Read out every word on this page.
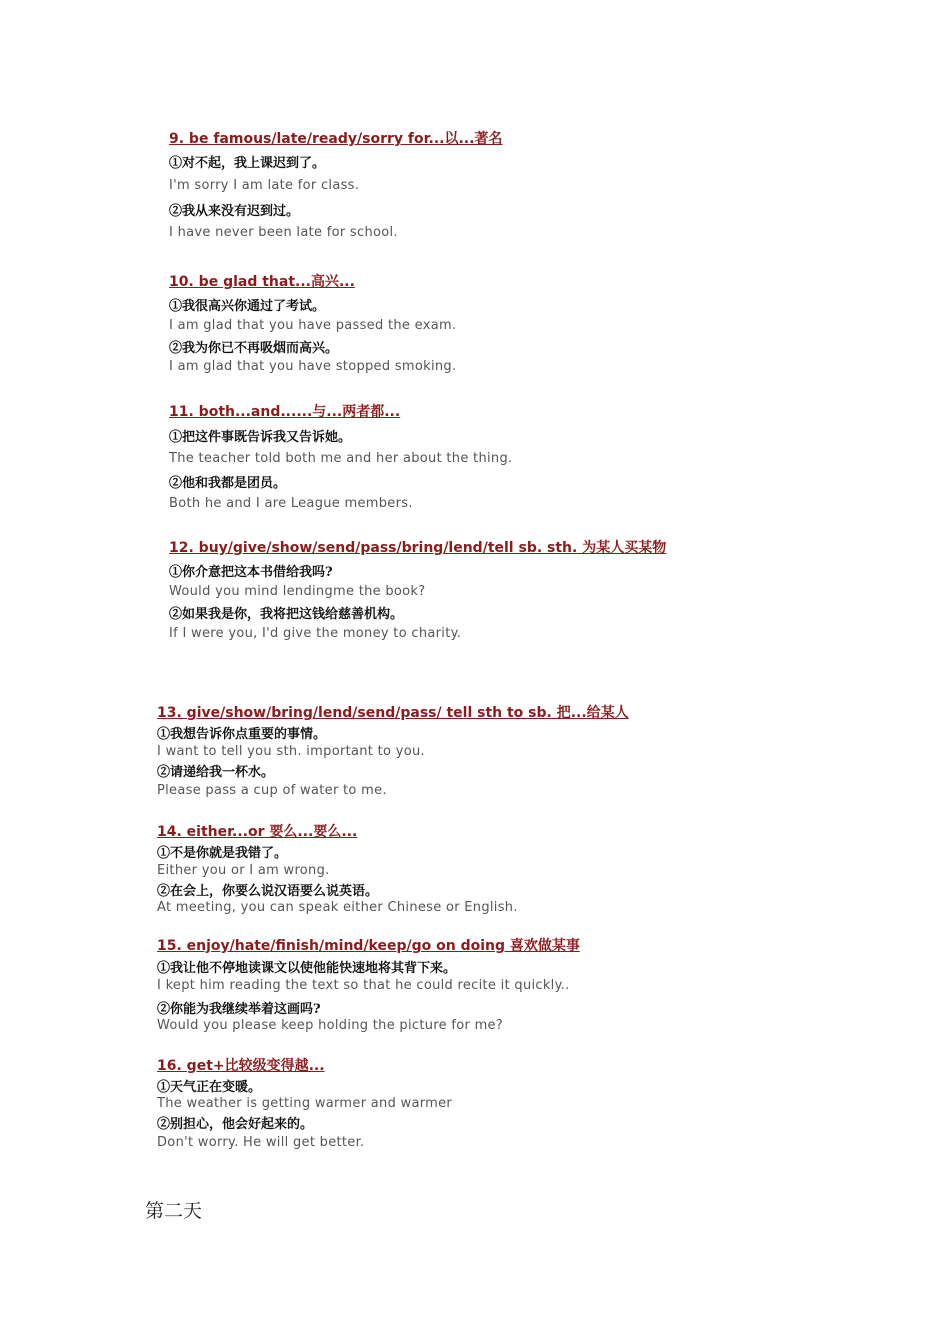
9. be famous/late/ready/sorry for...以...著名
①对不起，我上课迟到了。
I'm sorry I am late for class.
②我从来没有迟到过。
I have never been late for school.
10. be glad that...高兴...
①我很高兴你通过了考试。
I am glad that you have passed the exam.
②我为你已不再吸烟而高兴。
I am glad that you have stopped smoking.
11. both...and......与...两者都...
①把这件事既告诉我又告诉她。
The teacher told both me and her about the thing.
②他和我都是团员。
Both he and I are League members.
12. buy/give/show/send/pass/bring/lend/tell sb. sth. 为某人买某物
①你介意把这本书借给我吗?
Would you mind lendingme the book?
②如果我是你，我将把这钱给慈善机构。
If I were you, I'd give the money to charity.
13. give/show/bring/lend/send/pass/ tell sth to sb. 把...给某人
①我想告诉你点重要的事情。
I want to tell you sth. important to you.
②请递给我一杯水。
Please pass a cup of water to me.
14. either...or 要么...要么...
①不是你就是我错了。
Either you or I am wrong.
②在会上，你要么说汉语要么说英语。
At meeting, you can speak either Chinese or English.
15. enjoy/hate/finish/mind/keep/go on doing 喜欢做某事
①我让他不停地读课文以使他能快速地将其背下来。
I kept him reading the text so that he could recite it quickly..
②你能为我继续举着这画吗?
Would you please keep holding the picture for me?
16. get+比较级变得越...
①天气正在变暖。
The weather is getting warmer and warmer
②别担心，他会好起来的。
Don't worry. He will get better.
第二天
